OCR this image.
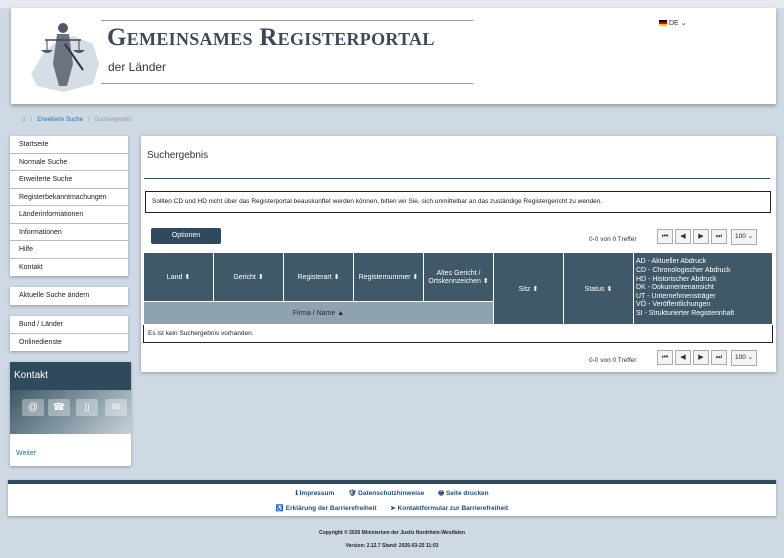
Gemeinsames Registerportal
der Länder
DE ⌄
⌂ / Erweiterte Suche / Suchergebnis
Startseite
Normale Suche
Erweiterte Suche
Registerbekanntmachungen
Länderinformationen
Informationen
Hilfe
Kontakt
Aktuelle Suche ändern
Bund / Länder
Onlinedienste
Kontakt
@	☎	▯	✉
Weiter
Suchergebnis
Sollten CD und HD nicht über das Registerportal beauskunftet werden können, bitten wir Sie, sich unmittelbar an das zuständige Registergericht zu wenden.
Optionen
0-0 von 0 Treffer	⏮	◀	▶	⏭	100 ⌄
Land ⬍	Gericht ⬍	Registerart ⬍	Registernummer ⬍	Altes Gericht / Ortskennzeichen ⬍	Sitz ⬍	Status ⬍	
AD - Aktueller Abdruck
CD - Chronologischer Abdruck
HD - Historischer Abdruck
DK - Dokumentenansicht
UT - Unternehmensträger
VÖ - Veröffentlichungen
SI - Strukturierter Registerinhalt

Firma / Name ▲
Es ist kein Suchergebnis vorhanden.
0-0 von 0 Treffer	⏮	◀	▶	⏭	100 ⌄
ℹ Impressum 🛡 Datenschutzhinweise 🖶 Seite drucken
♿ Erklärung der Barrierefreiheit ➤ Kontaktformular zur Barrierefreiheit
Copyright © 2026 Ministerium der Justiz Nordrhein-Westfalen
Version: 2.12.7 Stand: 2026-03-25 11:03
